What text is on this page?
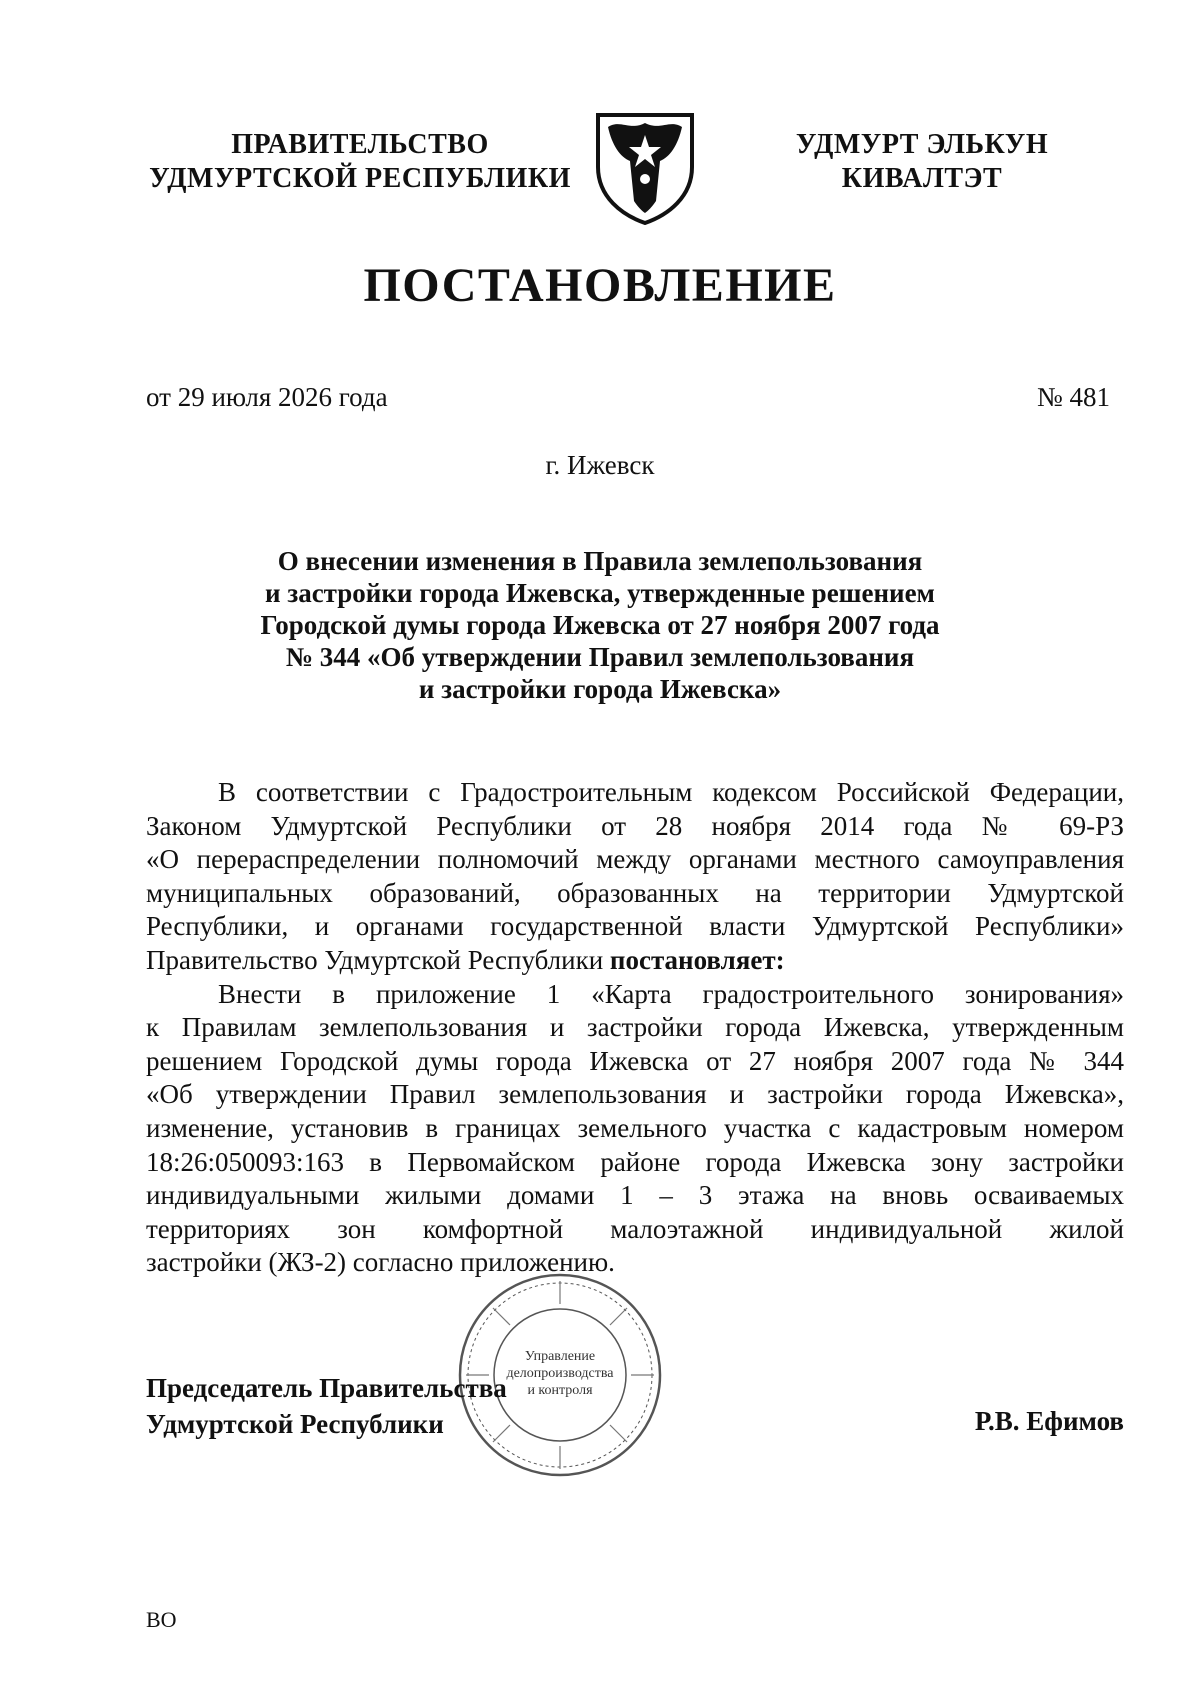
ПРАВИТЕЛЬСТВО
УДМУРТСКОЙ РЕСПУБЛИКИ
УДМУРТ ЭЛЬКУН
КИВАЛТЭТ
ПОСТАНОВЛЕНИЕ
от 29 июля 2026 года	№ 481
г. Ижевск
О внесении изменения в Правила землепользования
и застройки города Ижевска, утвержденные решением
Городской думы города Ижевска от 27 ноября 2007 года
№ 344 «Об утверждении Правил землепользования
и застройки города Ижевска»
В соответствии с Градостроительным кодексом Российской Федерации,
Законом Удмуртской Республики от 28 ноября 2014 года № 69-РЗ
«О перераспределении полномочий между органами местного самоуправления
муниципальных образований, образованных на территории Удмуртской
Республики, и органами государственной власти Удмуртской Республики»
Правительство Удмуртской Республики постановляет:
Внести в приложение 1 «Карта градостроительного зонирования»
к Правилам землепользования и застройки города Ижевска, утвержденным
решением Городской думы города Ижевска от 27 ноября 2007 года № 344
«Об утверждении Правил землепользования и застройки города Ижевска»,
изменение, установив в границах земельного участка с кадастровым номером
18:26:050093:163 в Первомайском районе города Ижевска зону застройки
индивидуальными жилыми домами 1 – 3 этажа на вновь осваиваемых
территориях зон комфортной малоэтажной индивидуальной жилой
застройки (ЖЗ-2) согласно приложению.
Управление
делопроизводства
и контроля
Председатель Правительства
Удмуртской Республики	Р.В. Ефимов
ВО
